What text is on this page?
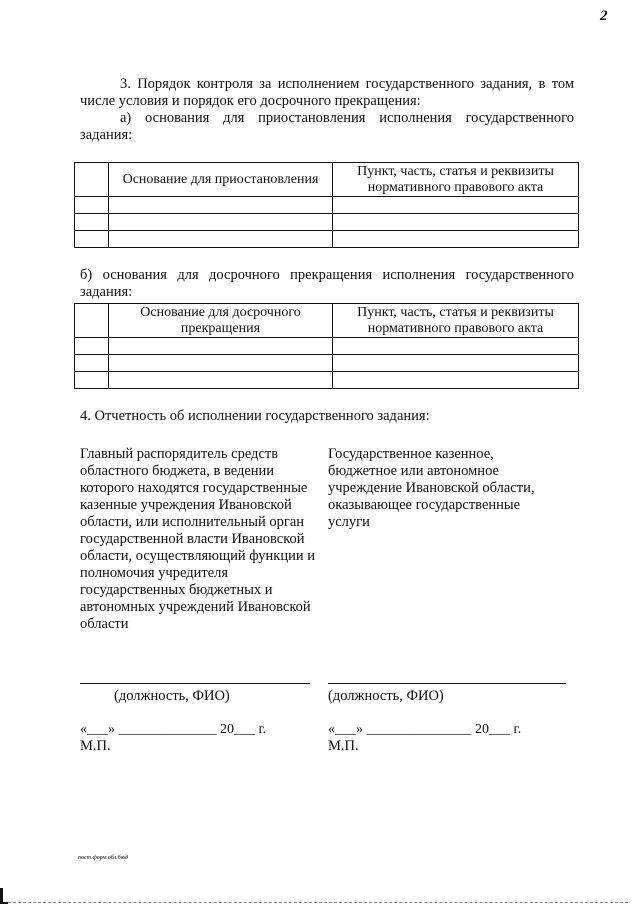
2
3. Порядок контроля за исполнением государственного задания, в том числе условия и порядок его досрочного прекращения:
а) основания для приостановления исполнения государственного задания:
	Основание для приостановления	Пункт, часть, статья и реквизиты нормативного правового акта

б) основания для досрочного прекращения исполнения государственного задания:
	Основание для досрочного прекращения	Пункт, часть, статья и реквизиты нормативного правового акта

4. Отчетность об исполнении государственного задания:
Главный распорядитель средств областного бюджета, в ведении которого находятся государственные казенные учреждения Ивановской области, или исполнительный орган государственной власти Ивановской области, осуществляющий функции и полномочия учредителя государственных бюджетных и автономных учреждений Ивановской области
Государственное казенное, бюджетное или автономное учреждение Ивановской области, оказывающее государственные услуги
(должность, ФИО)	(должность, ФИО)
«___» ______________ 20___ г.	«___» _______________ 20___ г.
М.П.	М.П.
пост.форм.обл.бюд
